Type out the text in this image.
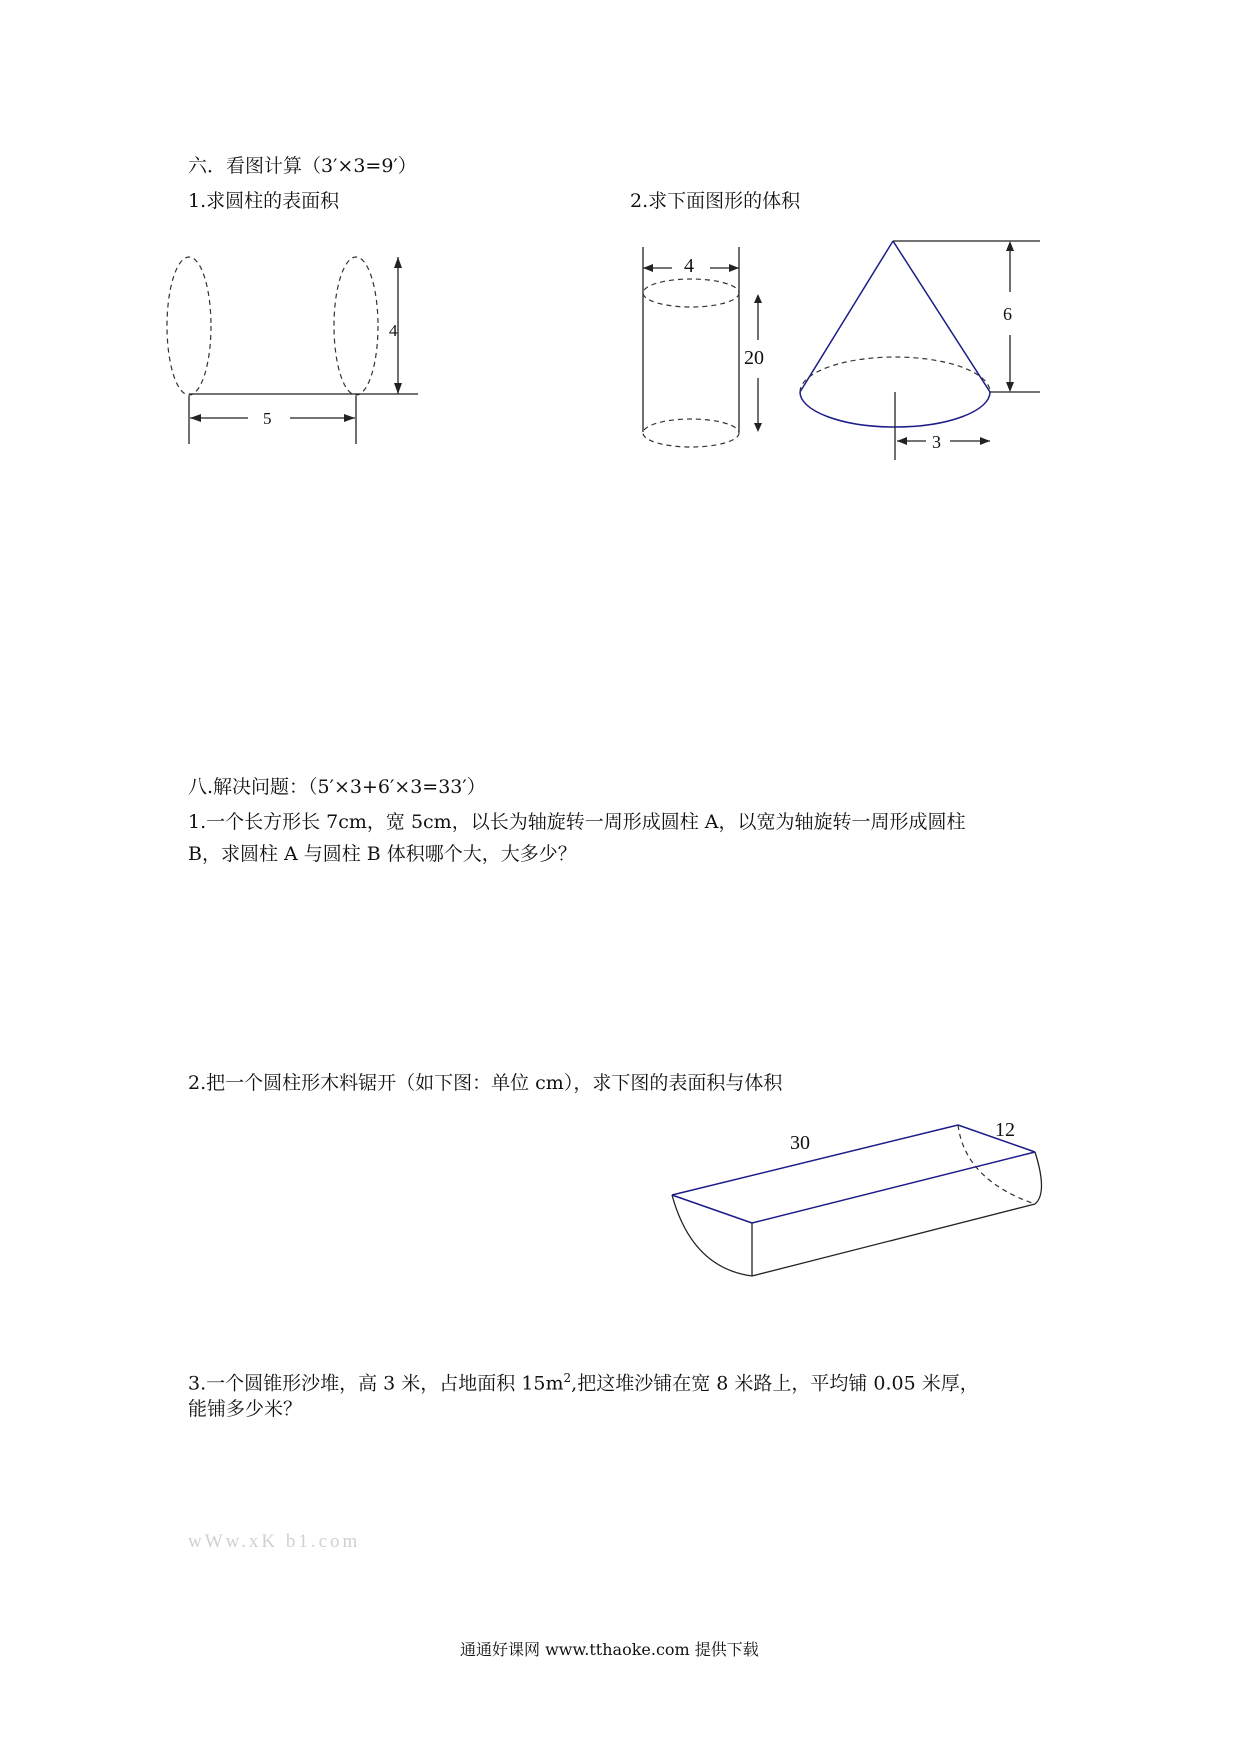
六．看图计算（3′×3=9′）
1.求圆柱的表面积	2.求下面图形的体积
4
5
4
20
6
3
30
12
八.解决问题：（5′×3+6′×3=33′）
1.一个长方形长 7cm，宽 5cm，以长为轴旋转一周形成圆柱 A，以宽为轴旋转一周形成圆柱
B，求圆柱 A 与圆柱 B 体积哪个大，大多少？
2.把一个圆柱形木料锯开（如下图：单位 cm），求下图的表面积与体积
3.一个圆锥形沙堆，高 3 米，占地面积 $15m^2$,把这堆沙铺在宽 8 米路上，平均铺 0.05 米厚，
能铺多少米？
wWw.xK b1.com
通通好课网 www.tthaoke.com 提供下载
